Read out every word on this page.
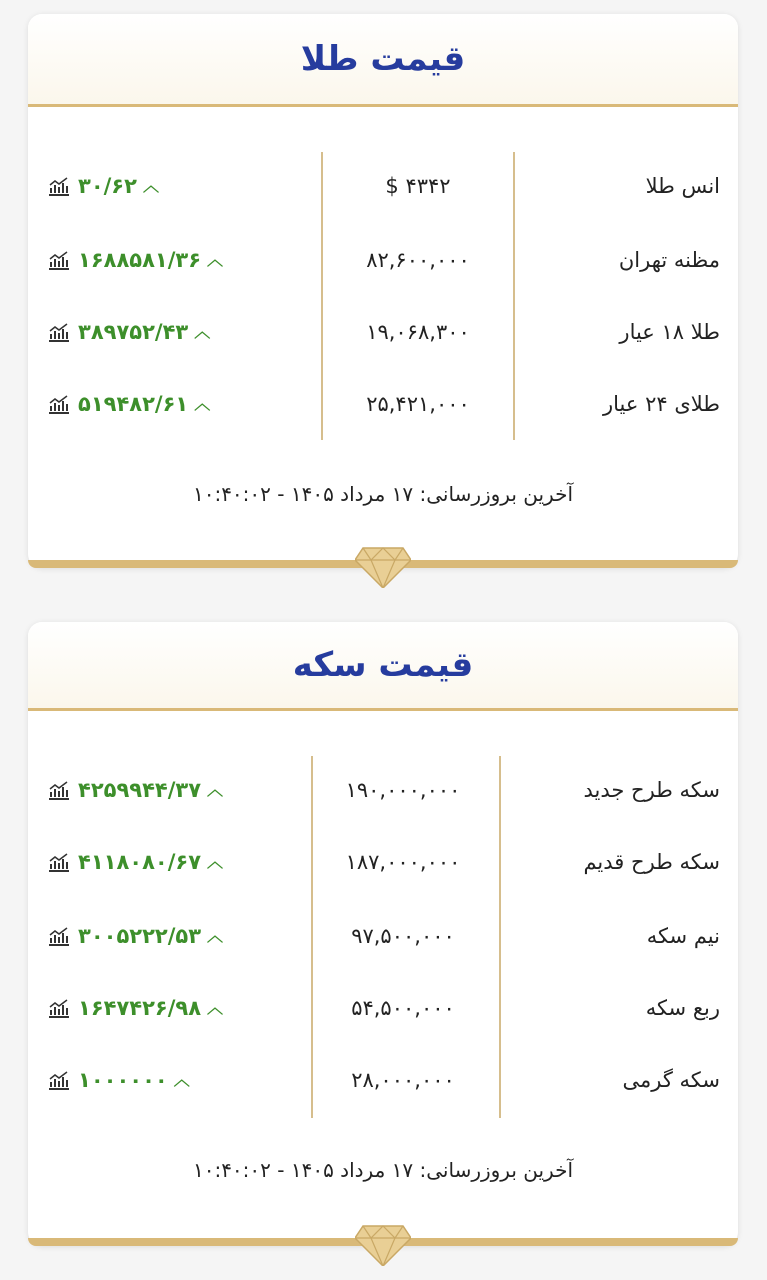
قیمت طلا
انس طلا
۴۳۴۲ $
۳۰/۶۲ ︿
مظنه تهران
۸۲,۶۰۰,۰۰۰
۱۶۸۸۵۸۱/۳۶ ︿
طلا ۱۸ عیار
۱۹,۰۶۸,۳۰۰
۳۸۹۷۵۲/۴۳ ︿
طلای ۲۴ عیار
۲۵,۴۲۱,۰۰۰
۵۱۹۴۸۲/۶۱ ︿
آخرین بروزرسانی: ۱۷ مرداد ۱۴۰۵ - ۱۰:۴۰:۰۲
قیمت سکه
سکه طرح جدید
۱۹۰,۰۰۰,۰۰۰
۴۲۵۹۹۴۴/۳۷ ︿
سکه طرح قدیم
۱۸۷,۰۰۰,۰۰۰
۴۱۱۸۰۸۰/۶۷ ︿
نیم سکه
۹۷,۵۰۰,۰۰۰
۳۰۰۵۲۲۲/۵۳ ︿
ربع سکه
۵۴,۵۰۰,۰۰۰
۱۶۴۷۴۲۶/۹۸ ︿
سکه گرمی
۲۸,۰۰۰,۰۰۰
۱۰۰۰۰۰۰ ︿
آخرین بروزرسانی: ۱۷ مرداد ۱۴۰۵ - ۱۰:۴۰:۰۲
